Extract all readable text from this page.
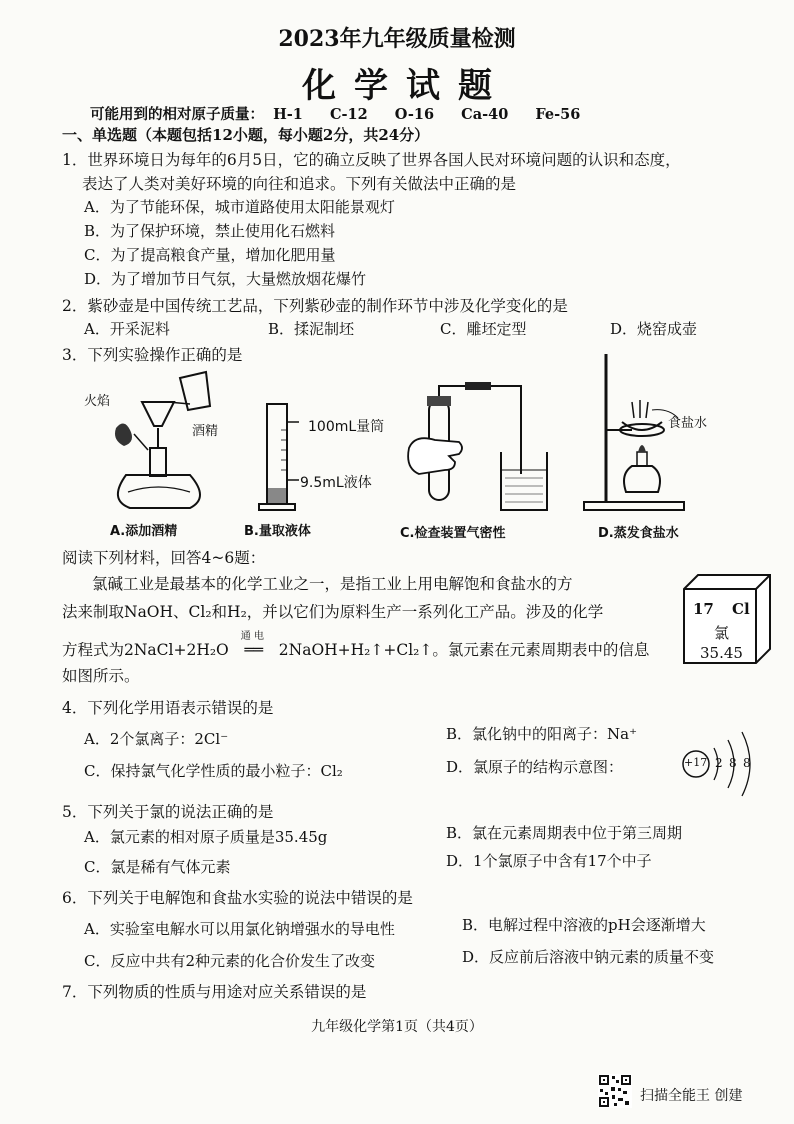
2023年九年级质量检测
化学试题
可能用到的相对原子质量： H-1 C-12 O-16 Ca-40 Fe-56
一、单选题（本题包括12小题，每小题2分，共24分）
1．世界环境日为每年的6月5日，它的确立反映了世界各国人民对环境问题的认识和态度，
表达了人类对美好环境的向往和追求。下列有关做法中正确的是
A．为了节能环保，城市道路使用太阳能景观灯
B．为了保护环境，禁止使用化石燃料
C．为了提高粮食产量，增加化肥用量
D．为了增加节日气氛，大量燃放烟花爆竹
2．紫砂壶是中国传统工艺品，下列紫砂壶的制作环节中涉及化学变化的是
A．开采泥料	B．揉泥制坯	C．雕坯定型	D．烧窑成壶
3．下列实验操作正确的是
火焰
酒精
A.添加酒精
100mL量筒
9.5mL液体
B.量取液体	C.检查装置气密性
食盐水
D.蒸发食盐水
阅读下列材料，回答4~6题：
氯碱工业是最基本的化学工业之一，是指工业上用电解饱和食盐水的方
法来制取NaOH、Cl₂和H₂，并以它们为原料生产一系列化工产品。涉及的化学
方程式为2NaCl+2H₂O
通 电
══ 2NaOH+H₂↑+Cl₂↑。氯元素在元素周期表中的信息
如图所示。
17 Cl
氯
35.45
4．下列化学用语表示错误的是
A．2个氯离子：2Cl⁻	B．氯化钠中的阳离子：Na⁺
C．保持氯气化学性质的最小粒子：Cl₂	D．氯原子的结构示意图：	+17 2 8 8
5．下列关于氯的说法正确的是
A．氯元素的相对原子质量是35.45g	B．氯在元素周期表中位于第三周期
C．氯是稀有气体元素	D．1个氯原子中含有17个中子
6．下列关于电解饱和食盐水实验的说法中错误的是
A．实验室电解水可以用氯化钠增强水的导电性	B．电解过程中溶液的pH会逐渐增大
C．反应中共有2种元素的化合价发生了改变	D．反应前后溶液中钠元素的质量不变
7．下列物质的性质与用途对应关系错误的是
九年级化学第1页（共4页）
扫描全能王 创建
